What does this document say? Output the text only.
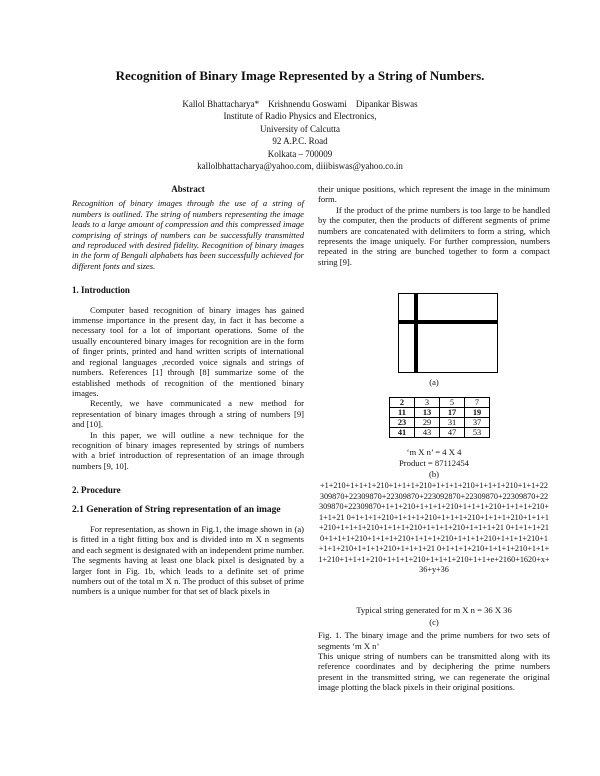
Recognition of Binary Image Represented by a String of Numbers.
Kallol Bhattacharya*    Krishnendu Goswami    Dipankar Biswas
Institute of Radio Physics and Electronics,
University of Calcutta
92 A.P.C. Road
Kolkata – 700009
kallolbhattacharya@yahoo.com, diiibiswas@yahoo.co.in
Abstract

Recognition of binary images through the use of a string of numbers is outlined. The string of numbers representing the image leads to a large amount of compression and this compressed image comprising of strings of numbers can be successfully transmitted and reproduced with desired fidelity. Recognition of binary images in the form of Bengali alphabets has been successfully achieved for different fonts and sizes.

1. Introduction

Computer based recognition of binary images has gained immense importance in the present day, in fact it has become a necessary tool for a lot of important operations. Some of the usually encountered binary images for recognition are in the form of finger prints, printed and hand written scripts of international and regional languages ,recorded voice signals and strings of numbers. References [1] through [8] summarize some of the established methods of recognition of the mentioned binary images.

Recently, we have communicated a new method for representation of binary images through a string of numbers [9] and [10].

In this paper, we will outline a new technique for the recognition of binary images represented by strings of numbers with a brief introduction of representation of an image through numbers [9, 10].

2. Procedure
2.1 Generation of String representation of an image

For representation, as shown in Fig.1, the image shown in (a) is fitted in a tight fitting box and is divided into m X n segments and each segment is designated with an independent prime number. The segments having at least one black pixel is designated by a larger font in Fig. 1b, which leads to a definite set of prime numbers out of the total m X n. The product of this subset of prime numbers is a unique number for that set of black pixels in

their unique positions, which represent the image in the minimum form.

If the product of the prime numbers is too large to be handled by the computer, then the products of different segments of prime numbers are concatenated with delimiters to form a string, which represents the image uniquely. For further compression, numbers repeated in the string are bunched together to form a compact string [9].

(a)
2	3	5	7
11	13	17	19
23	29	31	37
41	43	47	53
‘m X n’ = 4 X 4
Product = 87112454
(b)
+1+210+1+1+1+210+1+1+1+210+1+1+1+210+1+1+1+210+1+1+22309870+22309870+22309870+223092870+22309870+22309870+22309870+22309870+1+1+210+1+1+1+210+1+1+1+210+1+1+1+210+1+1+21 0+1+1+1+210+1+1+1+210+1+1+1+210+1+1+1+210+1+1+1+210+1+1+1+210+1+1+1+210+1+1+1+210+1+1+1+21 0+1+1+1+210+1+1+1+210+1+1+1+210+1+1+1+210+1+1+1+210+1+1+1+210+1+1+1+210+1+1+1+210+1+1+1+21 0+1+1+1+210+1+1+1+210+1+1+1+210+1+1+1+210+1+1+1+210+1+1+1+210+1+1+e+2160+1620+x+36+y+36
Typical string generated for m X n = 36 X 36
(c)

Fig. 1. The binary image and the prime numbers for two sets of segments ‘m X n’

This unique string of numbers can be transmitted along with its reference coordinates and by deciphering the prime numbers present in the transmitted string, we can regenerate the original image plotting the black pixels in their original positions.
